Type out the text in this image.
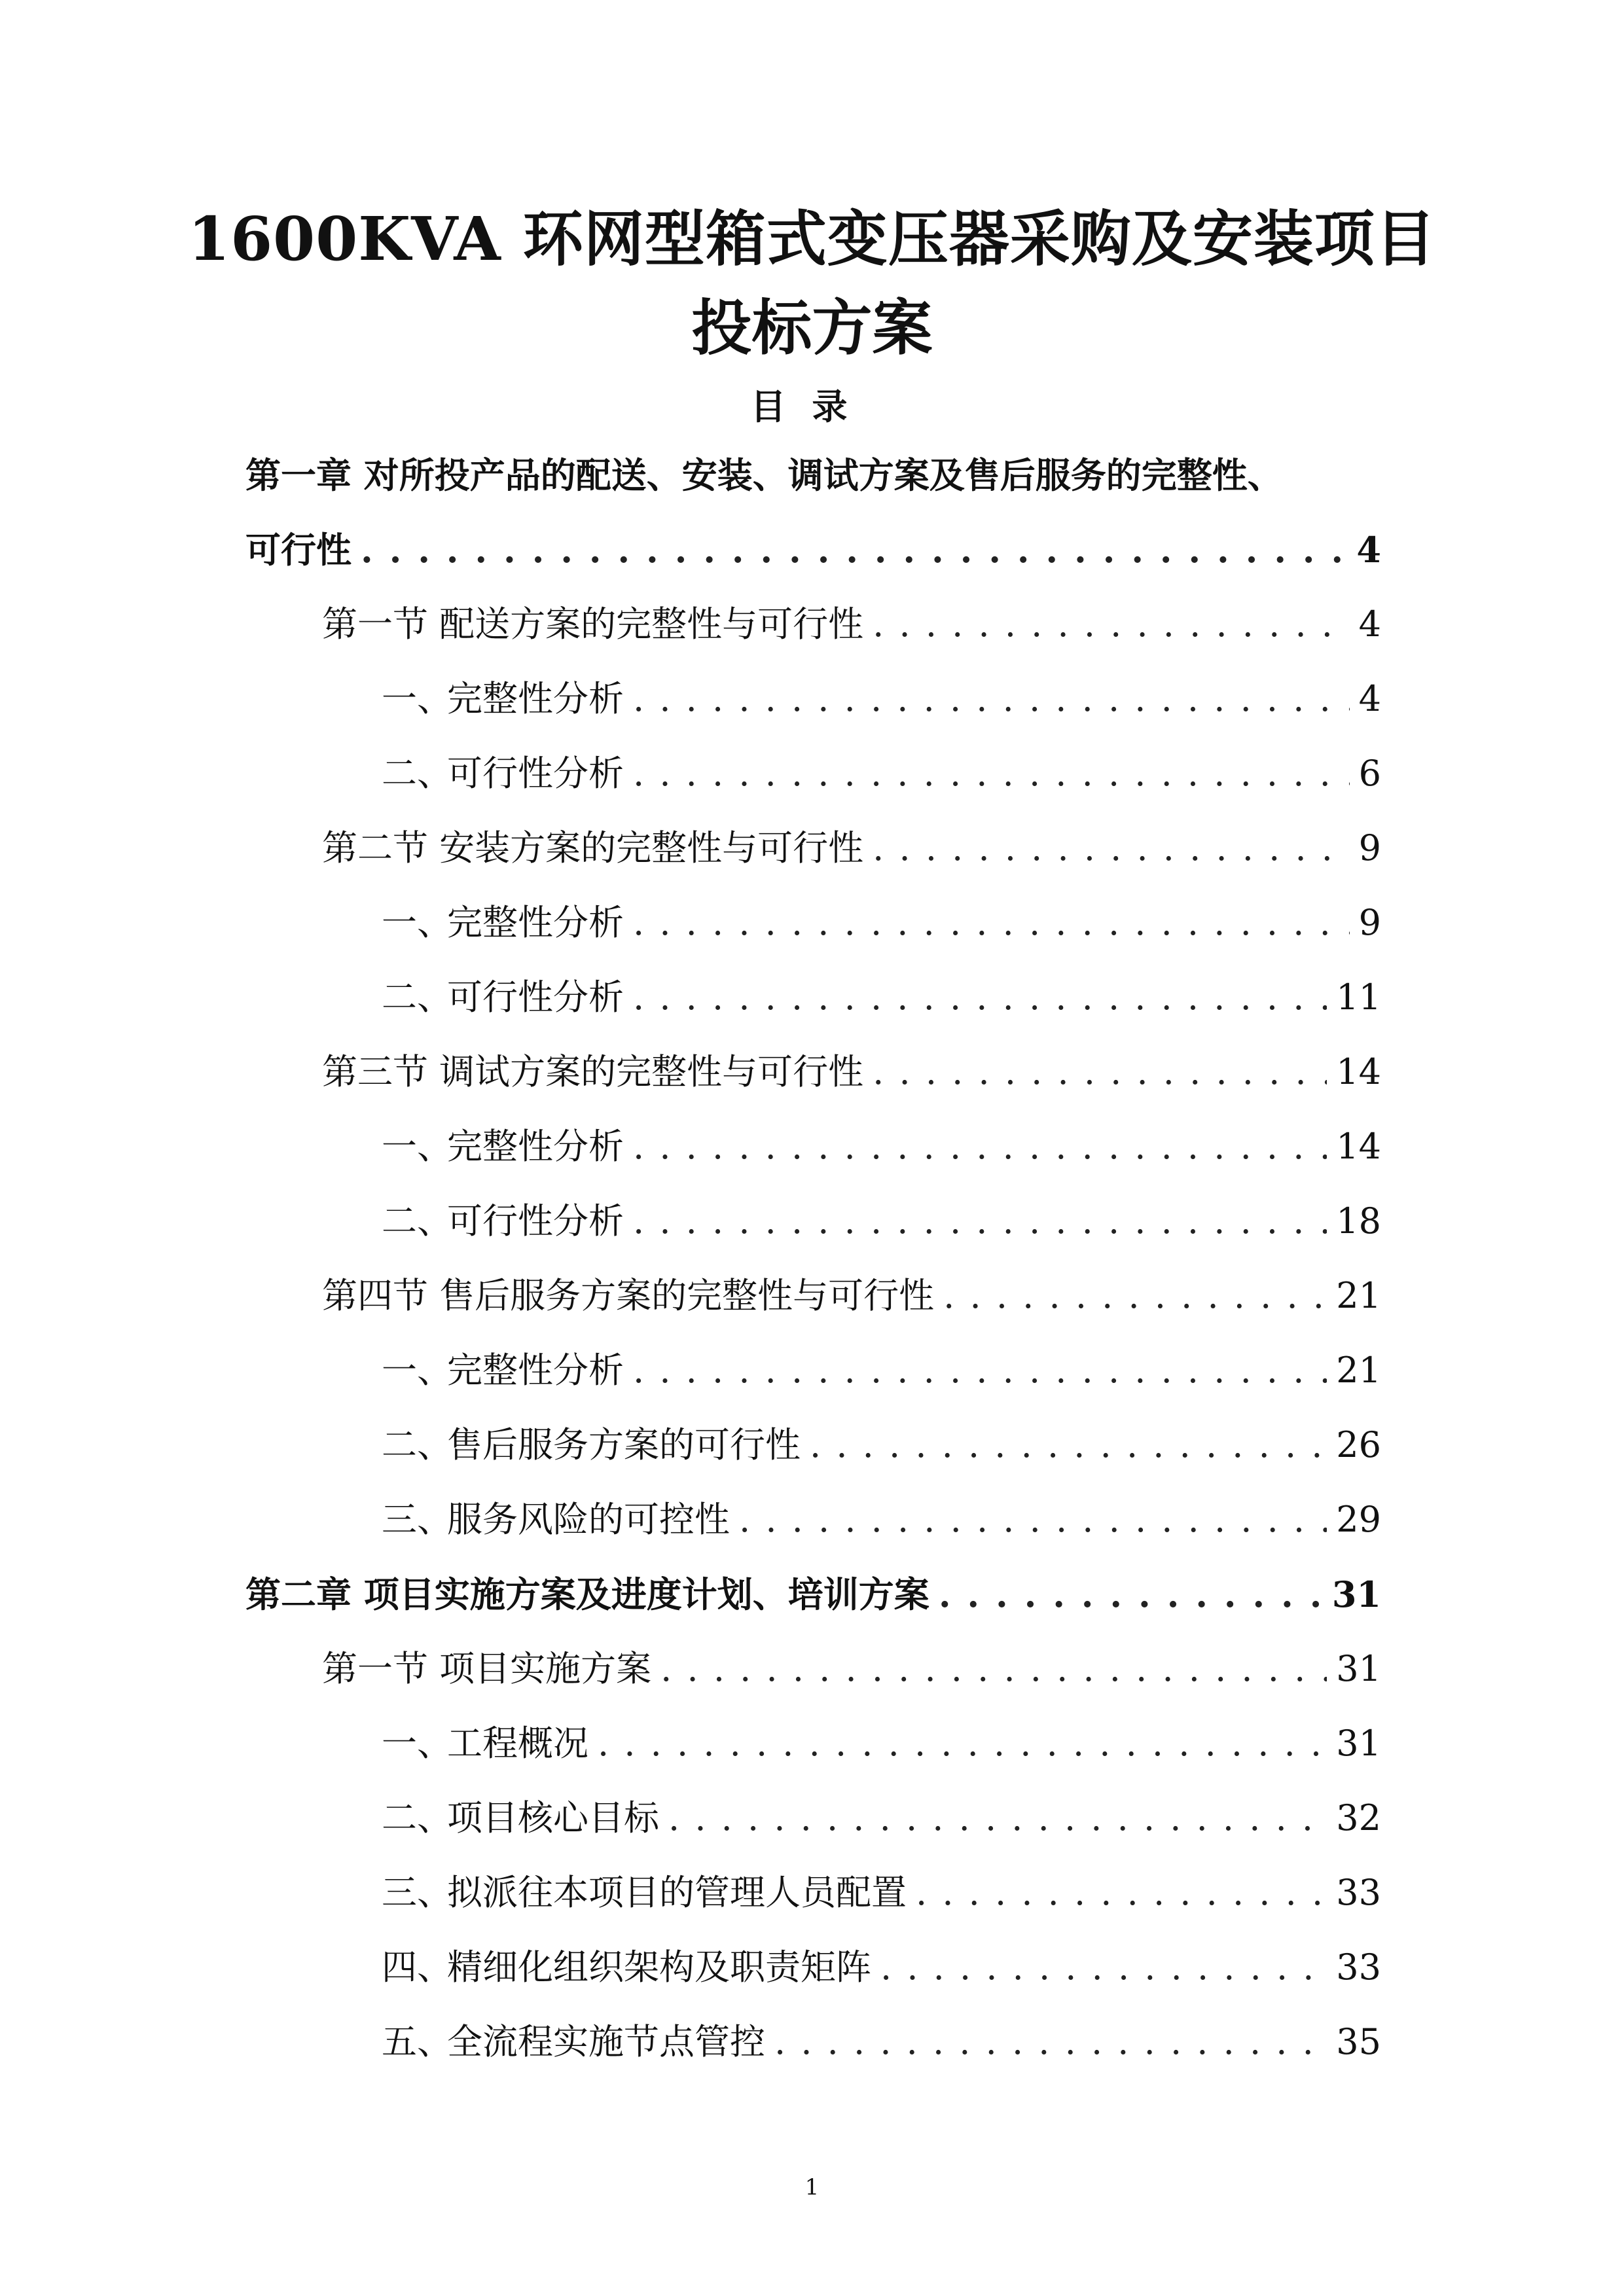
1600KVA 环网型箱式变压器采购及安装项目
投标方案
目录
第一章 对所投产品的配送、安装、调试方案及售后服务的完整性、
可行性 . . .	4
第一节 配送方案的完整性与可行性 . . .	4
一、完整性分析 . . .	4
二、可行性分析 . . .	6
第二节 安装方案的完整性与可行性 . . .	9
一、完整性分析 . . .	9
二、可行性分析 . . .	11
第三节 调试方案的完整性与可行性 . . .	14
一、完整性分析 . . .	14
二、可行性分析 . . .	18
第四节 售后服务方案的完整性与可行性 . . .	21
一、完整性分析 . . .	21
二、售后服务方案的可行性 . . .	26
三、服务风险的可控性 . . .	29
第二章 项目实施方案及进度计划、培训方案 . . .	31
第一节 项目实施方案 . . .	31
一、工程概况 . . .	31
二、项目核心目标 . . .	32
三、拟派往本项目的管理人员配置 . . .	33
四、精细化组织架构及职责矩阵 . . .	33
五、全流程实施节点管控 . . .	35

1
